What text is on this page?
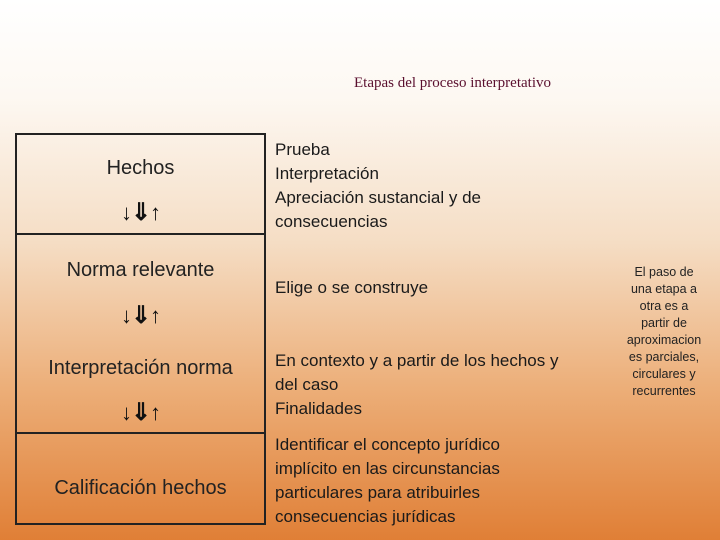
Etapas del proceso interpretativo
Hechos
↓⇓↑
Norma relevante
↓⇓↑
Interpretación norma
↓⇓↑
Calificación hechos
Prueba
Interpretación
Apreciación sustancial y de
consecuencias
Elige o se construye
En contexto y a partir de los hechos y
del caso
Finalidades
Identificar el concepto jurídico
implícito en las circunstancias
particulares para atribuirles
consecuencias jurídicas
El paso de
una etapa a
otra es a
partir de
aproximacion
es parciales,
circulares y
recurrentes
